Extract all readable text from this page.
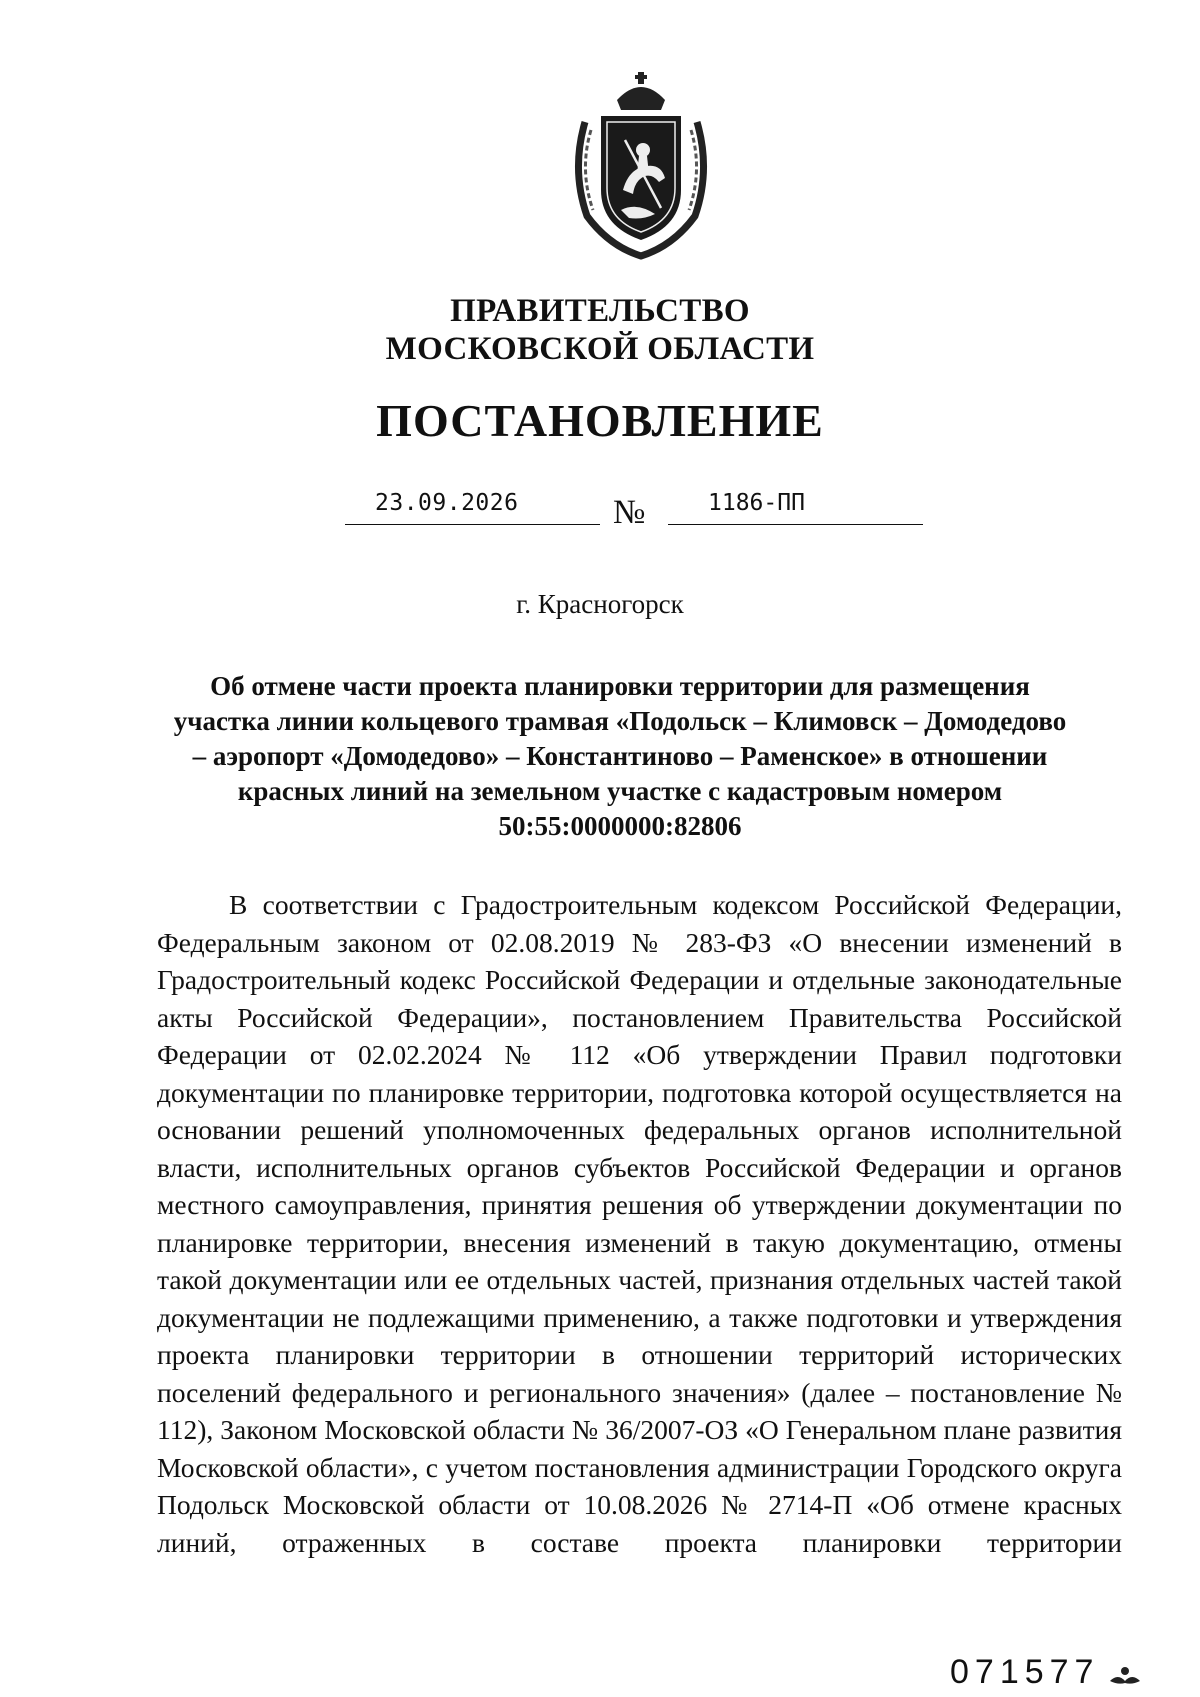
ПРАВИТЕЛЬСТВО
МОСКОВСКОЙ ОБЛАСТИ
ПОСТАНОВЛЕНИЕ
23.09.2026	№	1186-ПП
г. Красногорск
Об отмене части проекта планировки территории для размещения участка линии кольцевого трамвая «Подольск – Климовск – Домодедово – аэропорт «Домодедово» – Константиново – Раменское» в отношении красных линий на земельном участке с кадастровым номером 50:55:0000000:82806
В соответствии с Градостроительным кодексом Российской Федерации, Федеральным законом от 02.08.2019 № 283-ФЗ «О внесении изменений в Градостроительный кодекс Российской Федерации и отдельные законодательные акты Российской Федерации», постановлением Правительства Российской Федерации от 02.02.2024 № 112 «Об утверждении Правил подготовки документации по планировке территории, подготовка которой осуществляется на основании решений уполномоченных федеральных органов исполнительной власти, исполнительных органов субъектов Российской Федерации и органов местного самоуправления, принятия решения об утверждении документации по планировке территории, внесения изменений в такую документацию, отмены такой документации или ее отдельных частей, признания отдельных частей такой документации не подлежащими применению, а также подготовки и утверждения проекта планировки территории в отношении территорий исторических поселений федерального и регионального значения» (далее – постановление № 112), Законом Московской области № 36/2007-ОЗ «О Генеральном плане развития Московской области», с учетом постановления администрации Городского округа Подольск Московской области от 10.08.2026 № 2714-П «Об отмене красных линий, отраженных в составе проекта планировки территории
071577
